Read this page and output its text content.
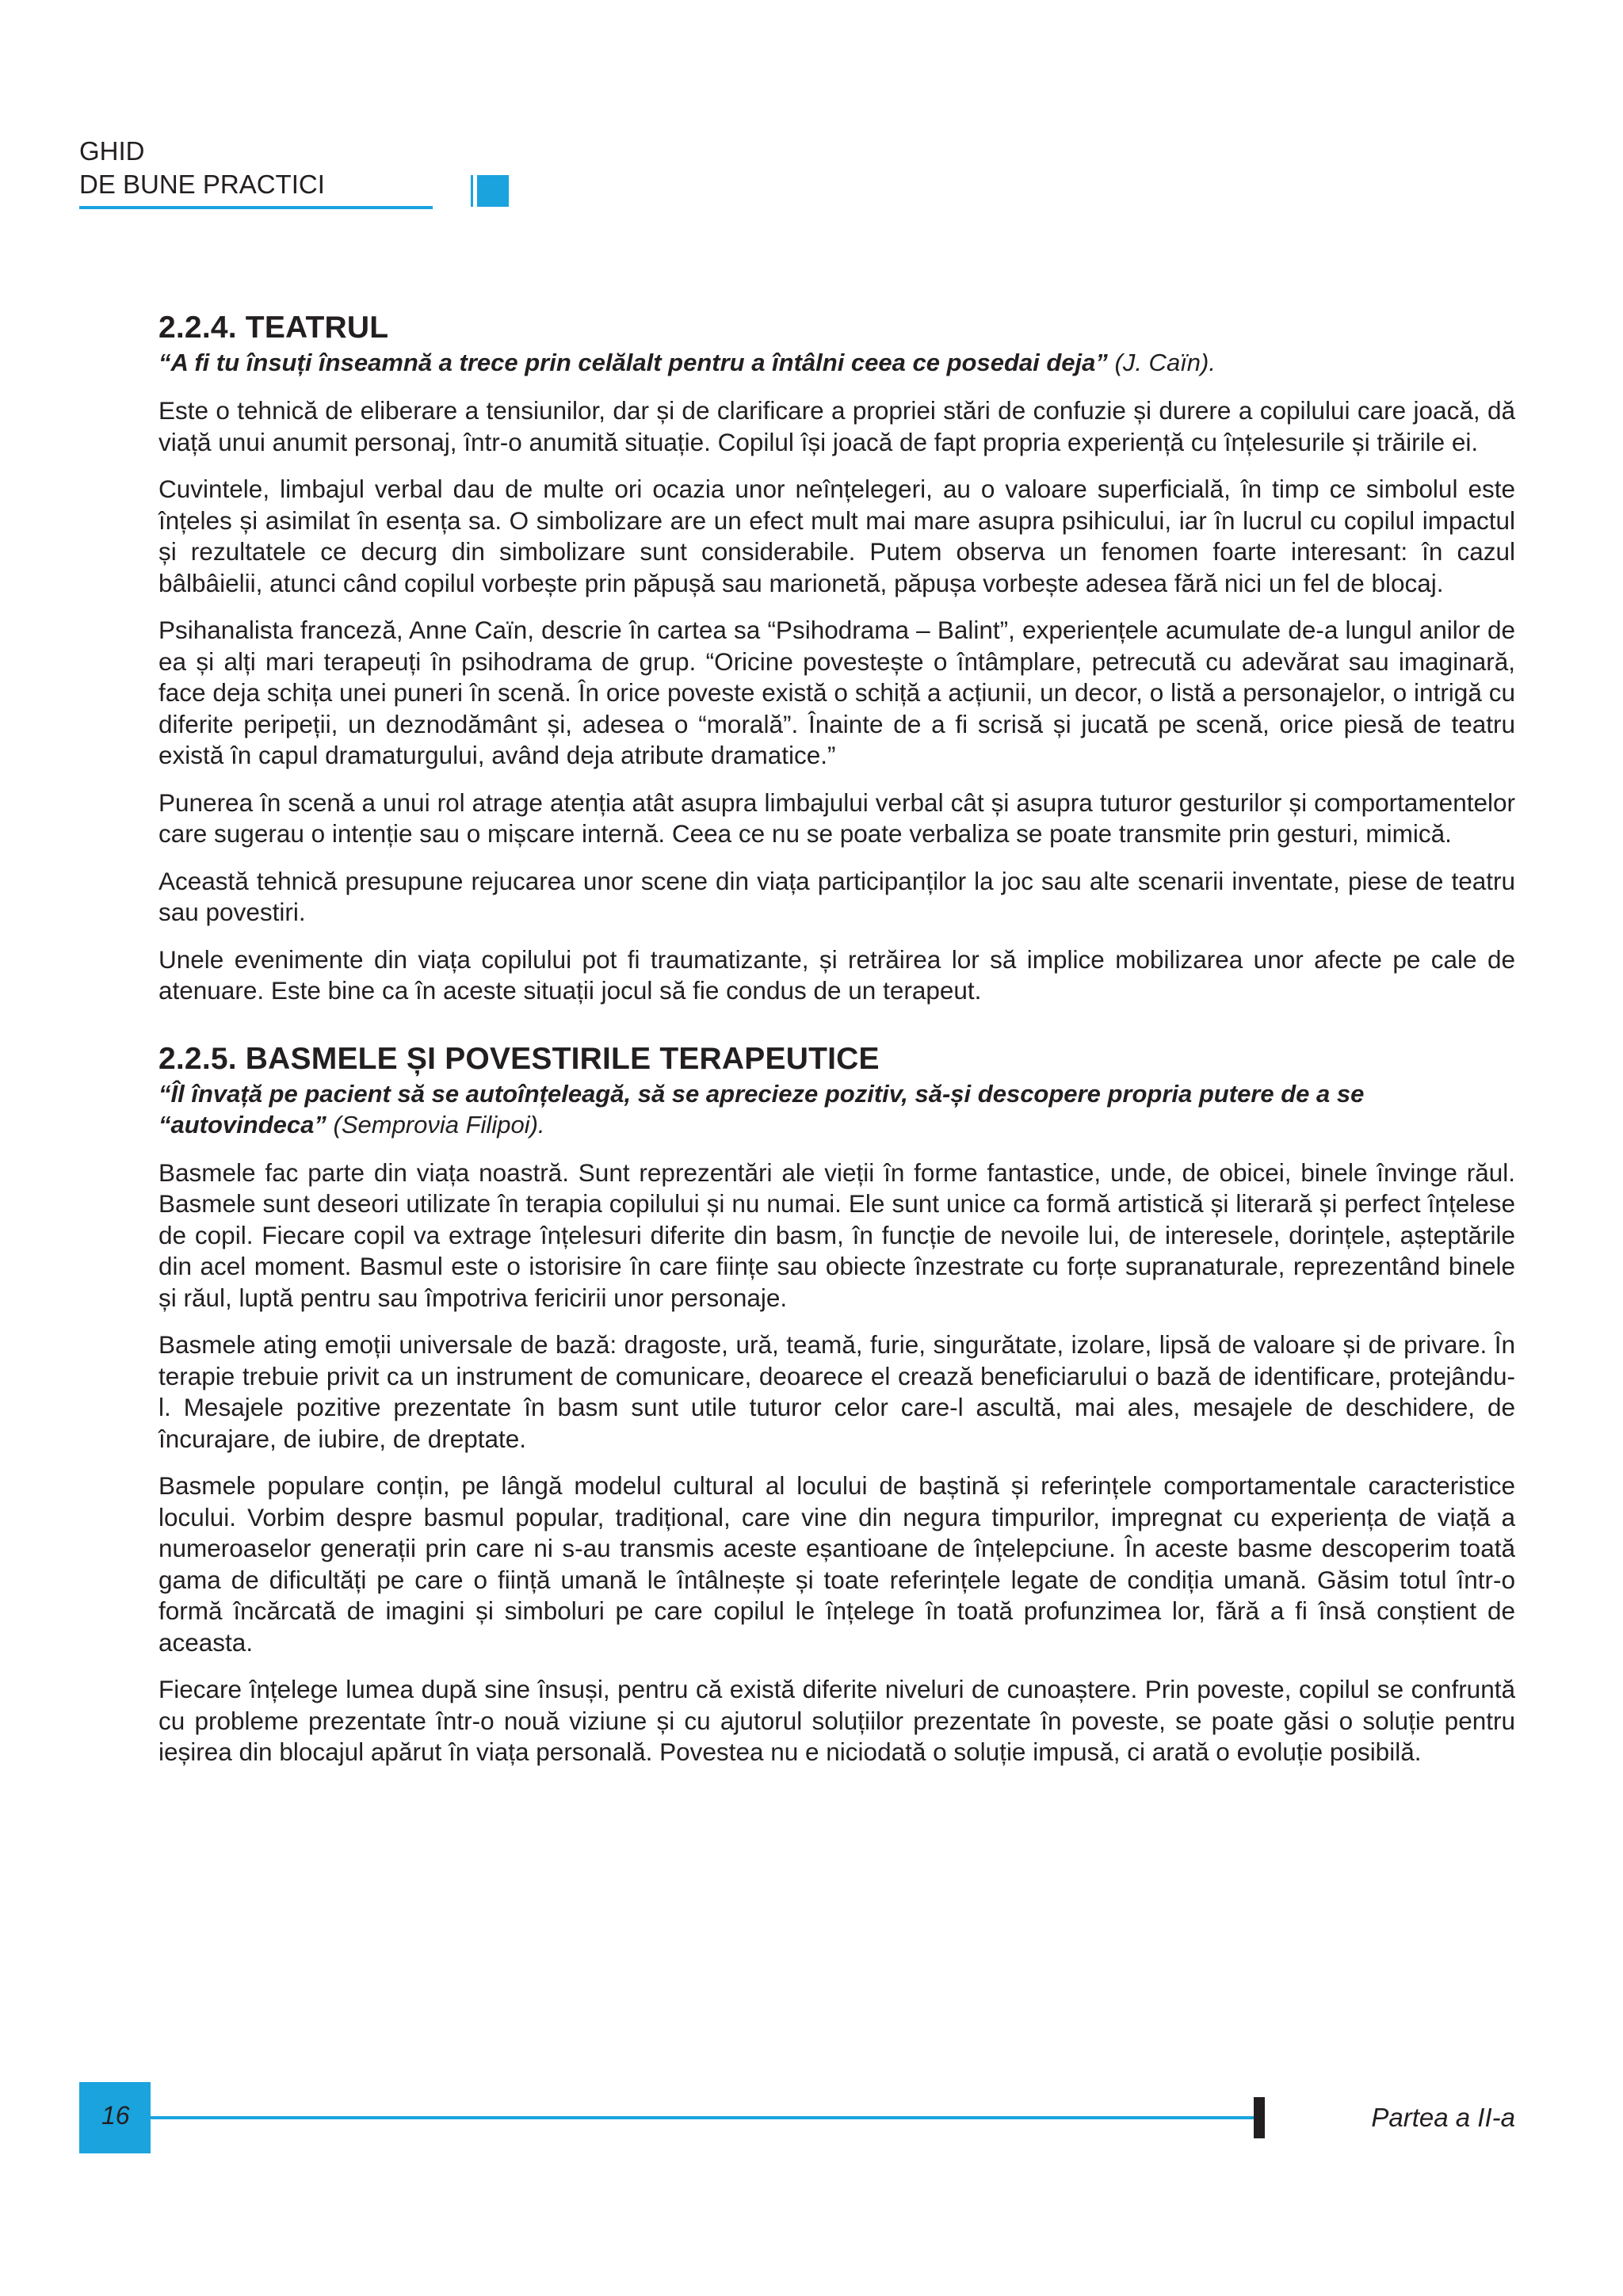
GHID
DE BUNE PRACTICI
2.2.4. TEATRUL

“A fi tu însuți înseamnă a trece prin celălalt pentru a întâlni ceea ce posedai deja” (J. Caïn).

Este o tehnică de eliberare a tensiunilor, dar și de clarificare a propriei stări de confuzie și durere a copilului care joacă, dă viață unui anumit personaj, într-o anumită situație. Copilul își joacă de fapt propria experiență cu înțelesurile și trăirile ei.

Cuvintele, limbajul verbal dau de multe ori ocazia unor neînțelegeri, au o valoare superficială, în timp ce simbolul este înțeles și asimilat în esența sa. O simbolizare are un efect mult mai mare asupra psihicului, iar în lucrul cu copilul impactul și rezultatele ce decurg din simbolizare sunt considerabile. Putem observa un fenomen foarte interesant: în cazul bâlbâielii, atunci când copilul vorbește prin păpușă sau marionetă, păpușa vorbește adesea fără nici un fel de blocaj.

Psihanalista franceză, Anne Caïn, descrie în cartea sa “Psihodrama – Balint”, experiențele acumulate de-a lungul anilor de ea și alți mari terapeuți în psihodrama de grup. “Oricine povestește o întâmplare, petrecută cu adevărat sau imaginară, face deja schița unei puneri în scenă. În orice poveste există o schiță a acțiunii, un decor, o listă a personajelor, o intrigă cu diferite peripeții, un deznodământ și, adesea o “morală”. Înainte de a fi scrisă și jucată pe scenă, orice piesă de teatru există în capul dramaturgului, având deja atribute dramatice.”

Punerea în scenă a unui rol atrage atenția atât asupra limbajului verbal cât și asupra tuturor gesturilor și comportamentelor care sugerau o intenție sau o mișcare internă. Ceea ce nu se poate verbaliza se poate transmite prin gesturi, mimică.

Această tehnică presupune rejucarea unor scene din viața participanților la joc sau alte scenarii inventate, piese de teatru sau povestiri.

Unele evenimente din viața copilului pot fi traumatizante, și retrăirea lor să implice mobilizarea unor afecte pe cale de atenuare. Este bine ca în aceste situații jocul să fie condus de un terapeut.

2.2.5. BASMELE ȘI POVESTIRILE TERAPEUTICE

“Îl învață pe pacient să se autoînțeleagă, să se aprecieze pozitiv, să-și descopere propria putere de a se “autovindeca” (Semprονia Filipoi).

Basmele fac parte din viața noastră. Sunt reprezentări ale vieții în forme fantastice, unde, de obicei, binele învinge răul. Basmele sunt deseori utilizate în terapia copilului și nu numai. Ele sunt unice ca formă artistică și literară și perfect înțelese de copil. Fiecare copil va extrage înțelesuri diferite din basm, în funcție de nevoile lui, de interesele, dorințele, așteptările din acel moment. Basmul este o istorisire în care ființe sau obiecte înzestrate cu forțe supranaturale, reprezentând binele și răul, luptă pentru sau împotriva fericirii unor personaje.

Basmele ating emoții universale de bază: dragoste, ură, teamă, furie, singurătate, izolare, lipsă de valoare și de privare. În terapie trebuie privit ca un instrument de comunicare, deoarece el crează beneficiarului o bază de identificare, protejându-l. Mesajele pozitive prezentate în basm sunt utile tuturor celor care-l ascultă, mai ales, mesajele de deschidere, de încurajare, de iubire, de dreptate.

Basmele populare conțin, pe lângă modelul cultural al locului de baștină și referințele comportamentale caracteristice locului. Vorbim despre basmul popular, tradițional, care vine din negura timpurilor, impregnat cu experiența de viață a numeroaselor generații prin care ni s-au transmis aceste eșantioane de înțelepciune. În aceste basme descoperim toată gama de dificultăți pe care o ființă umană le întâlnește și toate referințele legate de condiția umană. Găsim totul într-o formă încărcată de imagini și simboluri pe care copilul le înțelege în toată profunzimea lor, fără a fi însă conștient de aceasta.

Fiecare înțelege lumea după sine însuși, pentru că există diferite niveluri de cunoaștere. Prin poveste, copilul se confruntă cu probleme prezentate într-o nouă viziune și cu ajutorul soluțiilor prezentate în poveste, se poate găsi o soluție pentru ieșirea din blocajul apărut în viața personală. Povestea nu e niciodată o soluție impusă, ci arată o evoluție posibilă.

16	Partea a II-a
